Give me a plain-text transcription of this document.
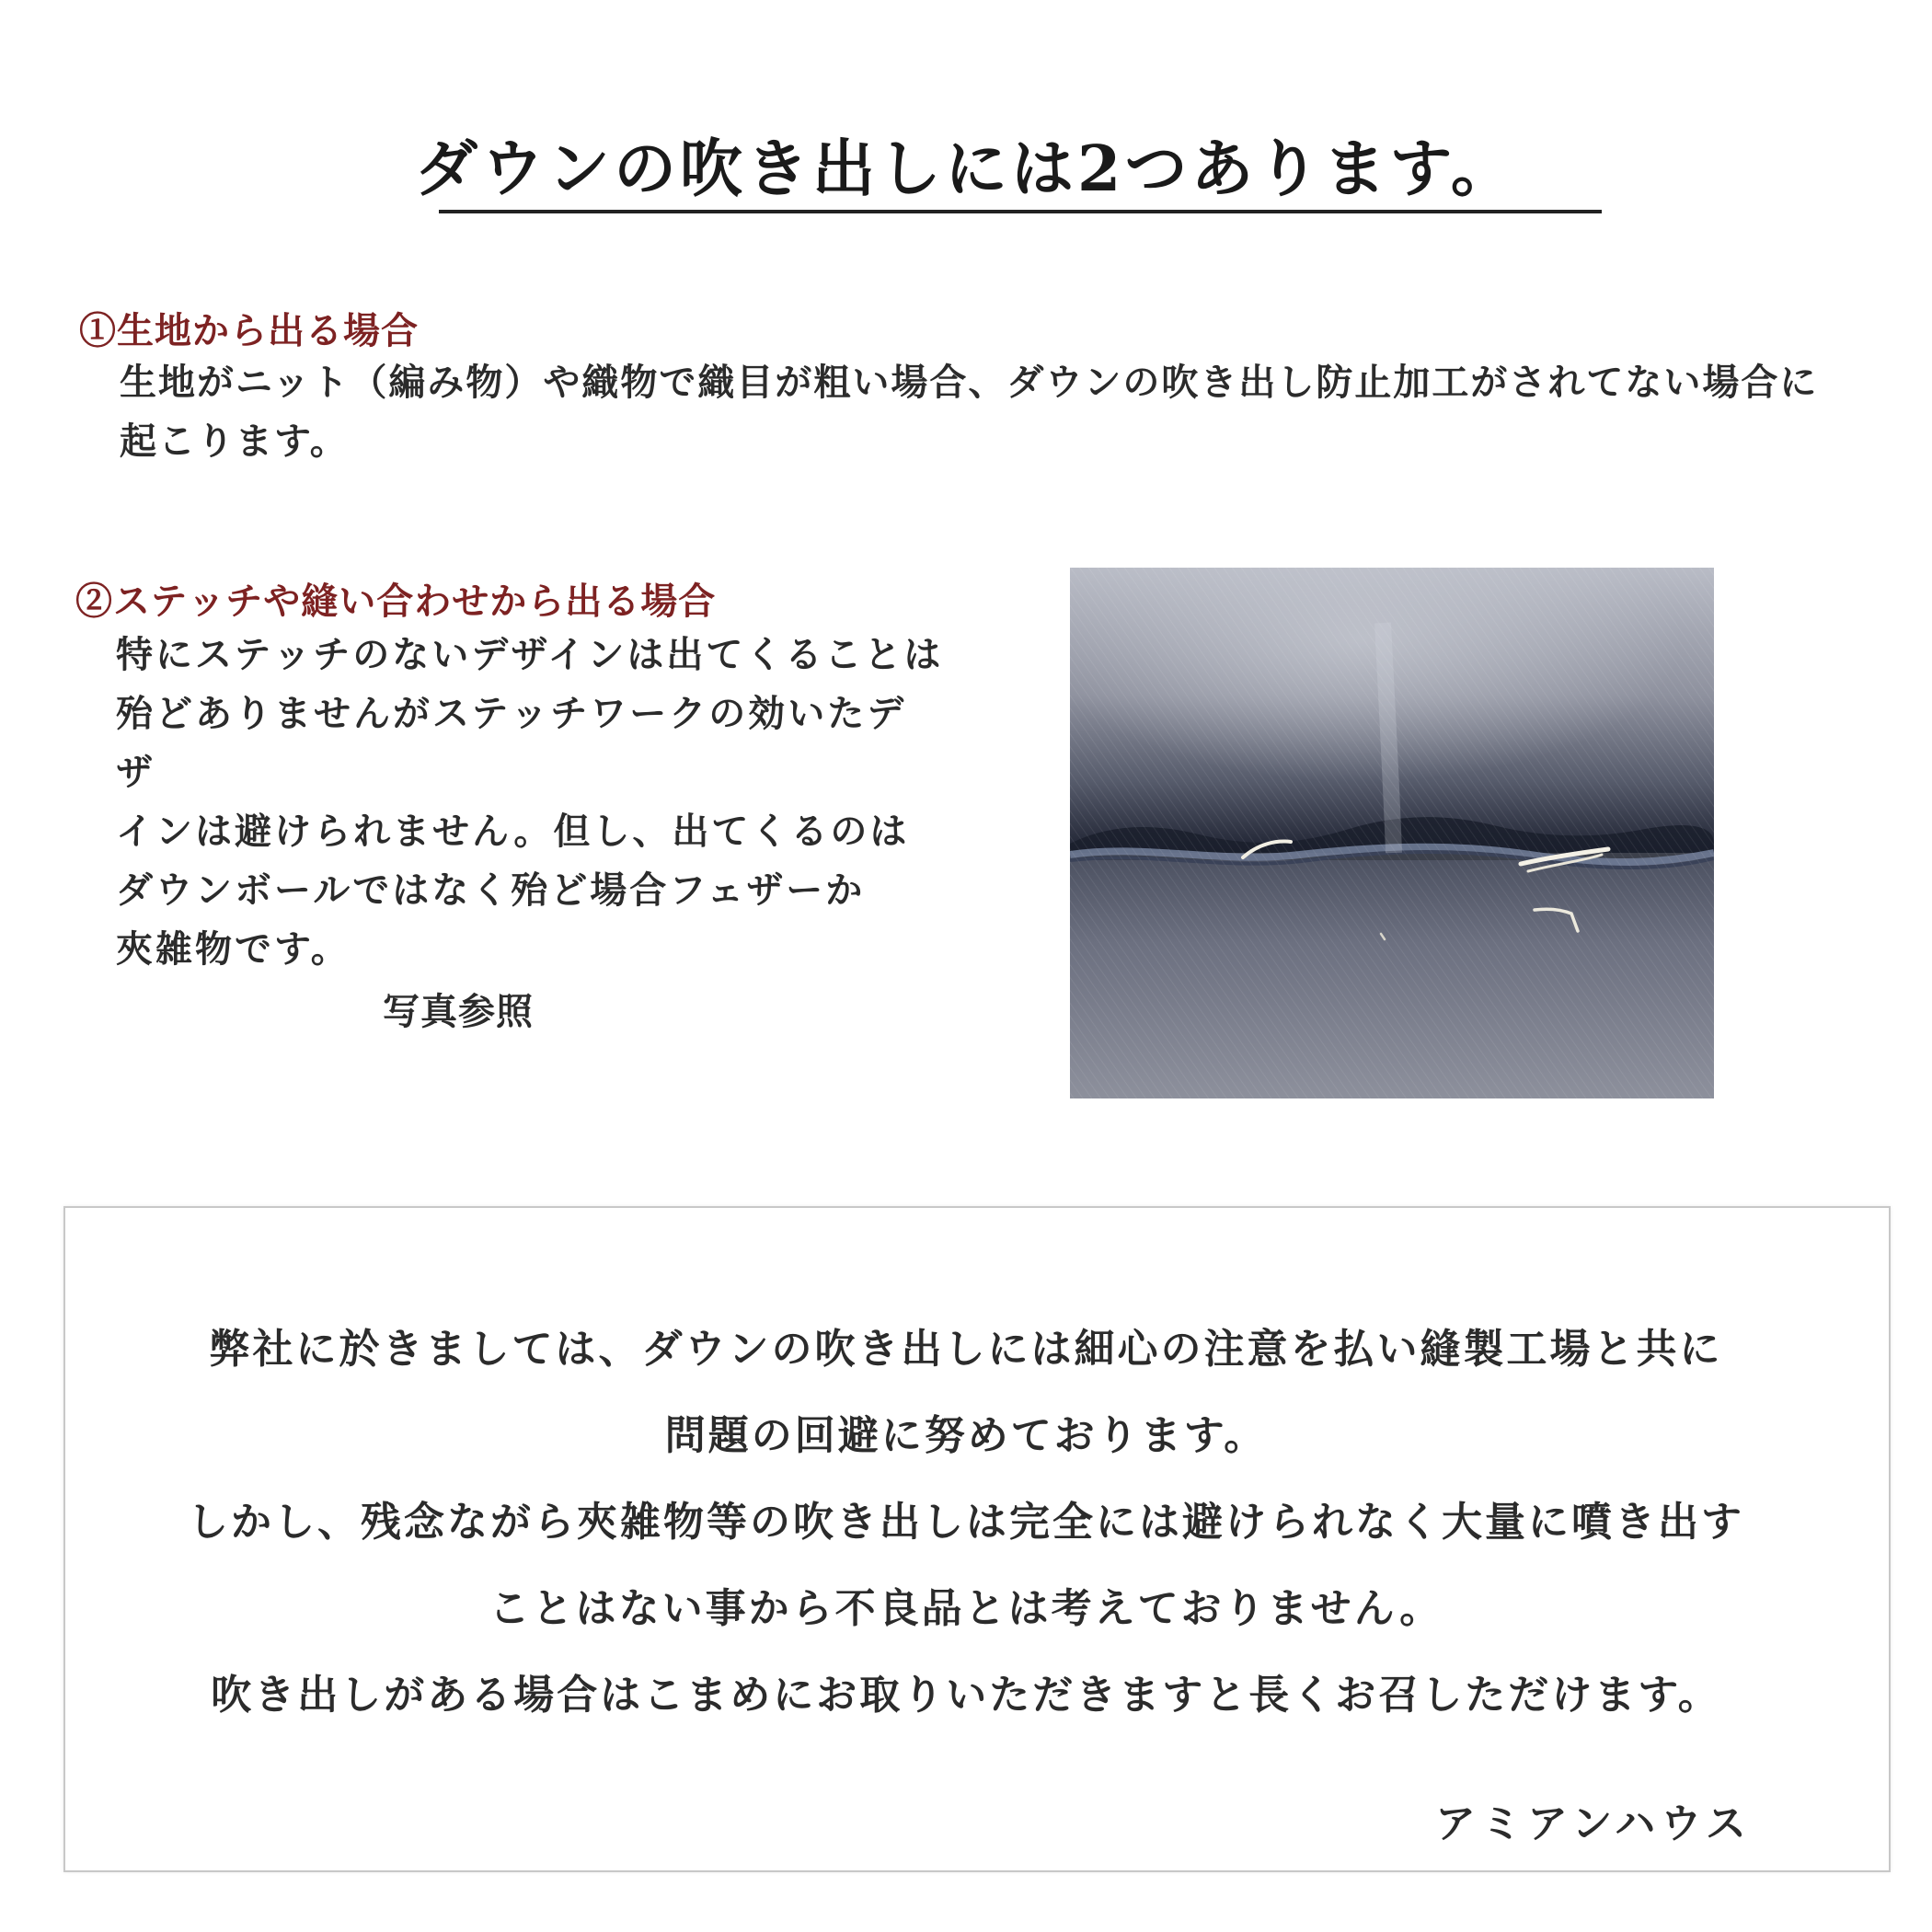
ダウンの吹き出しには2つあります。
①生地から出る場合
生地がニット（編み物）や織物で織目が粗い場合、ダウンの吹き出し防止加工がされてない場合に起こります。
②ステッチや縫い合わせから出る場合
特にステッチのないデザインは出てくることは
殆どありませんがステッチワークの効いたデザ
インは避けられません。但し、出てくるのは
ダウンボールではなく殆ど場合フェザーか
夾雑物です。
写真参照
弊社に於きましては、ダウンの吹き出しには細心の注意を払い縫製工場と共に
問題の回避に努めております。
しかし、残念ながら夾雑物等の吹き出しは完全には避けられなく大量に噴き出す
ことはない事から不良品とは考えておりません。
吹き出しがある場合はこまめにお取りいただきますと長くお召しただけます。
アミアンハウス
